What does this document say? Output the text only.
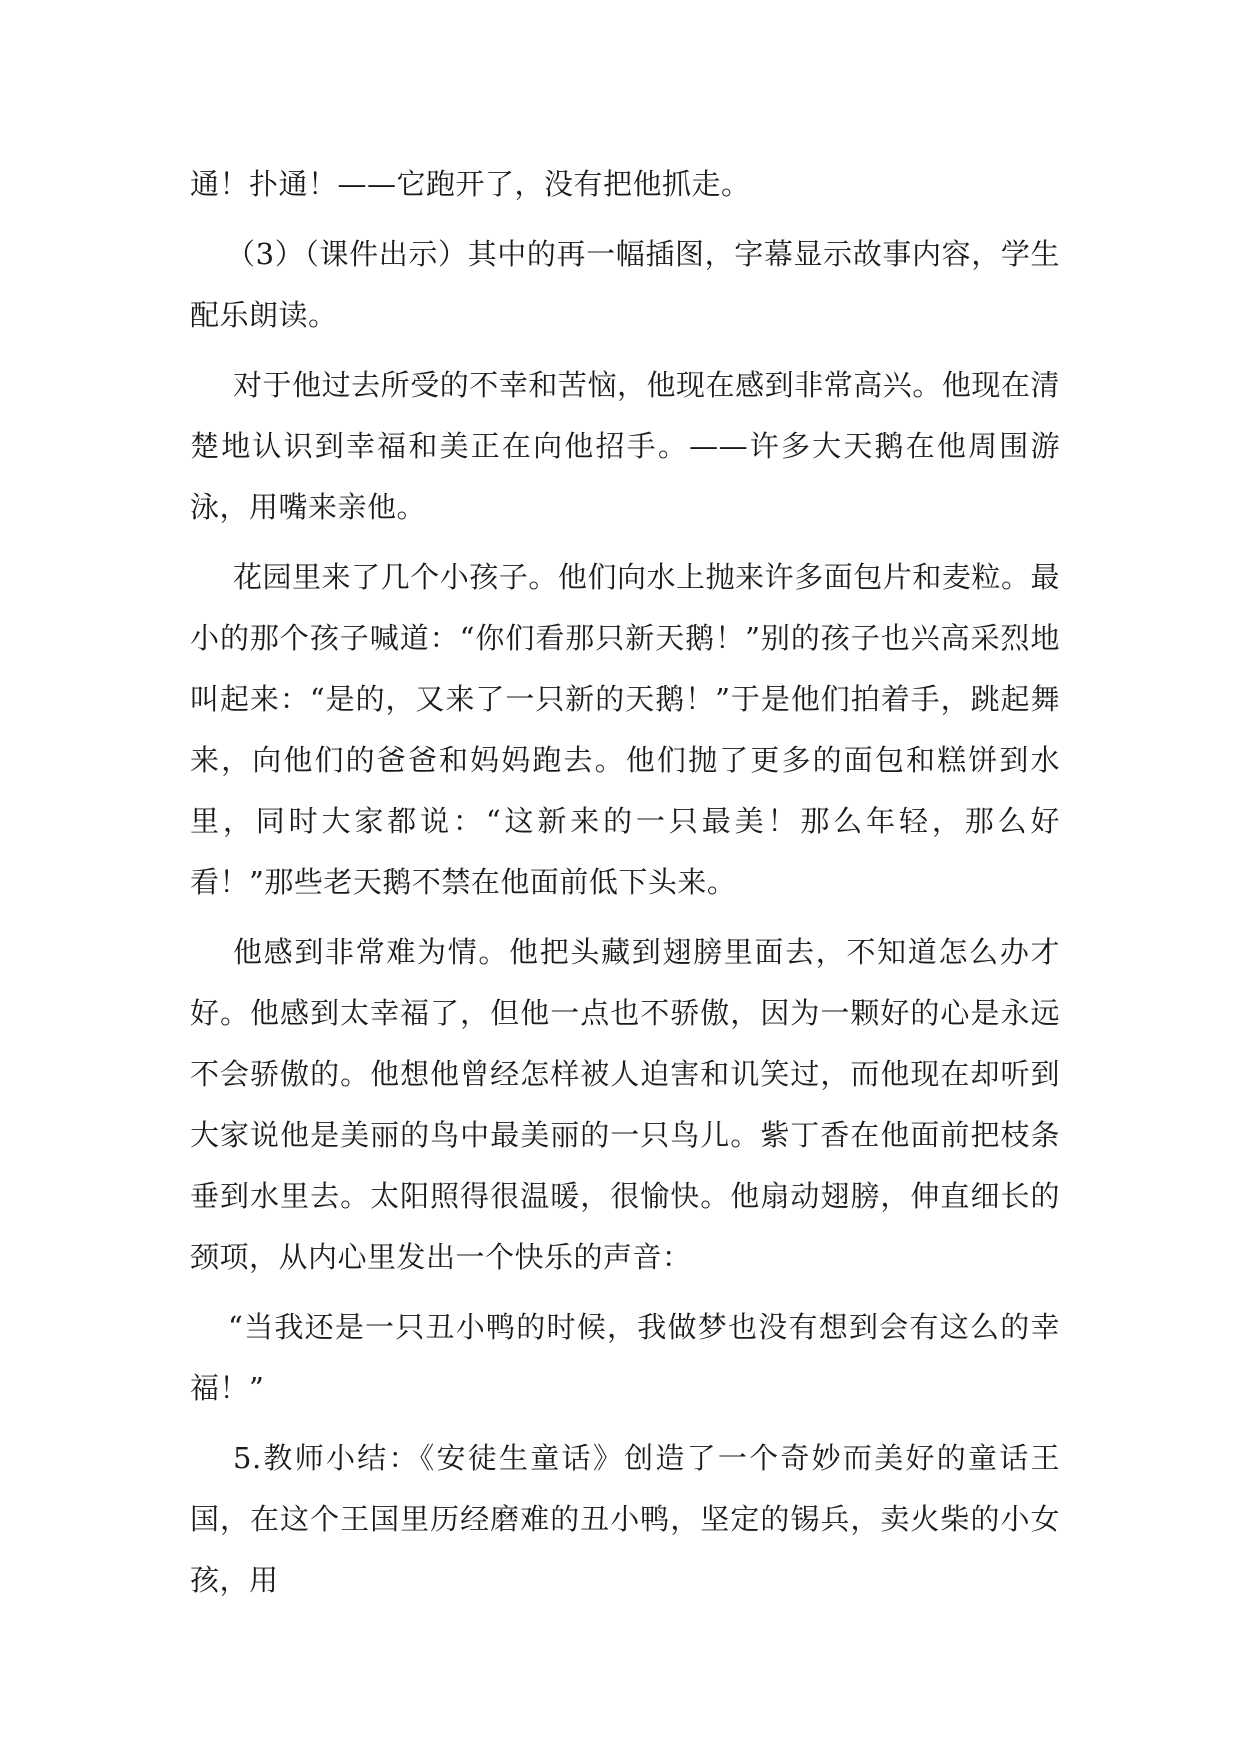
通！扑通！——它跑开了，没有把他抓走。

（3）（课件出示）其中的再一幅插图，字幕显示故事内容，学生配乐朗读。

对于他过去所受的不幸和苦恼，他现在感到非常高兴。他现在清楚地认识到幸福和美正在向他招手。——许多大天鹅在他周围游泳，用嘴来亲他。

花园里来了几个小孩子。他们向水上抛来许多面包片和麦粒。最小的那个孩子喊道：“你们看那只新天鹅！”别的孩子也兴高采烈地叫起来：“是的，又来了一只新的天鹅！”于是他们拍着手，跳起舞来，向他们的爸爸和妈妈跑去。他们抛了更多的面包和糕饼到水里，同时大家都说：“这新来的一只最美！那么年轻，那么好看！”那些老天鹅不禁在他面前低下头来。

他感到非常难为情。他把头藏到翅膀里面去，不知道怎么办才好。他感到太幸福了，但他一点也不骄傲，因为一颗好的心是永远不会骄傲的。他想他曾经怎样被人迫害和讥笑过，而他现在却听到大家说他是美丽的鸟中最美丽的一只鸟儿。紫丁香在他面前把枝条垂到水里去。太阳照得很温暖，很愉快。他扇动翅膀，伸直细长的颈项，从内心里发出一个快乐的声音：

“当我还是一只丑小鸭的时候，我做梦也没有想到会有这么的幸福！”

5.教师小结：《安徒生童话》创造了一个奇妙而美好的童话王国，在这个王国里历经磨难的丑小鸭，坚定的锡兵，卖火柴的小女孩，用
